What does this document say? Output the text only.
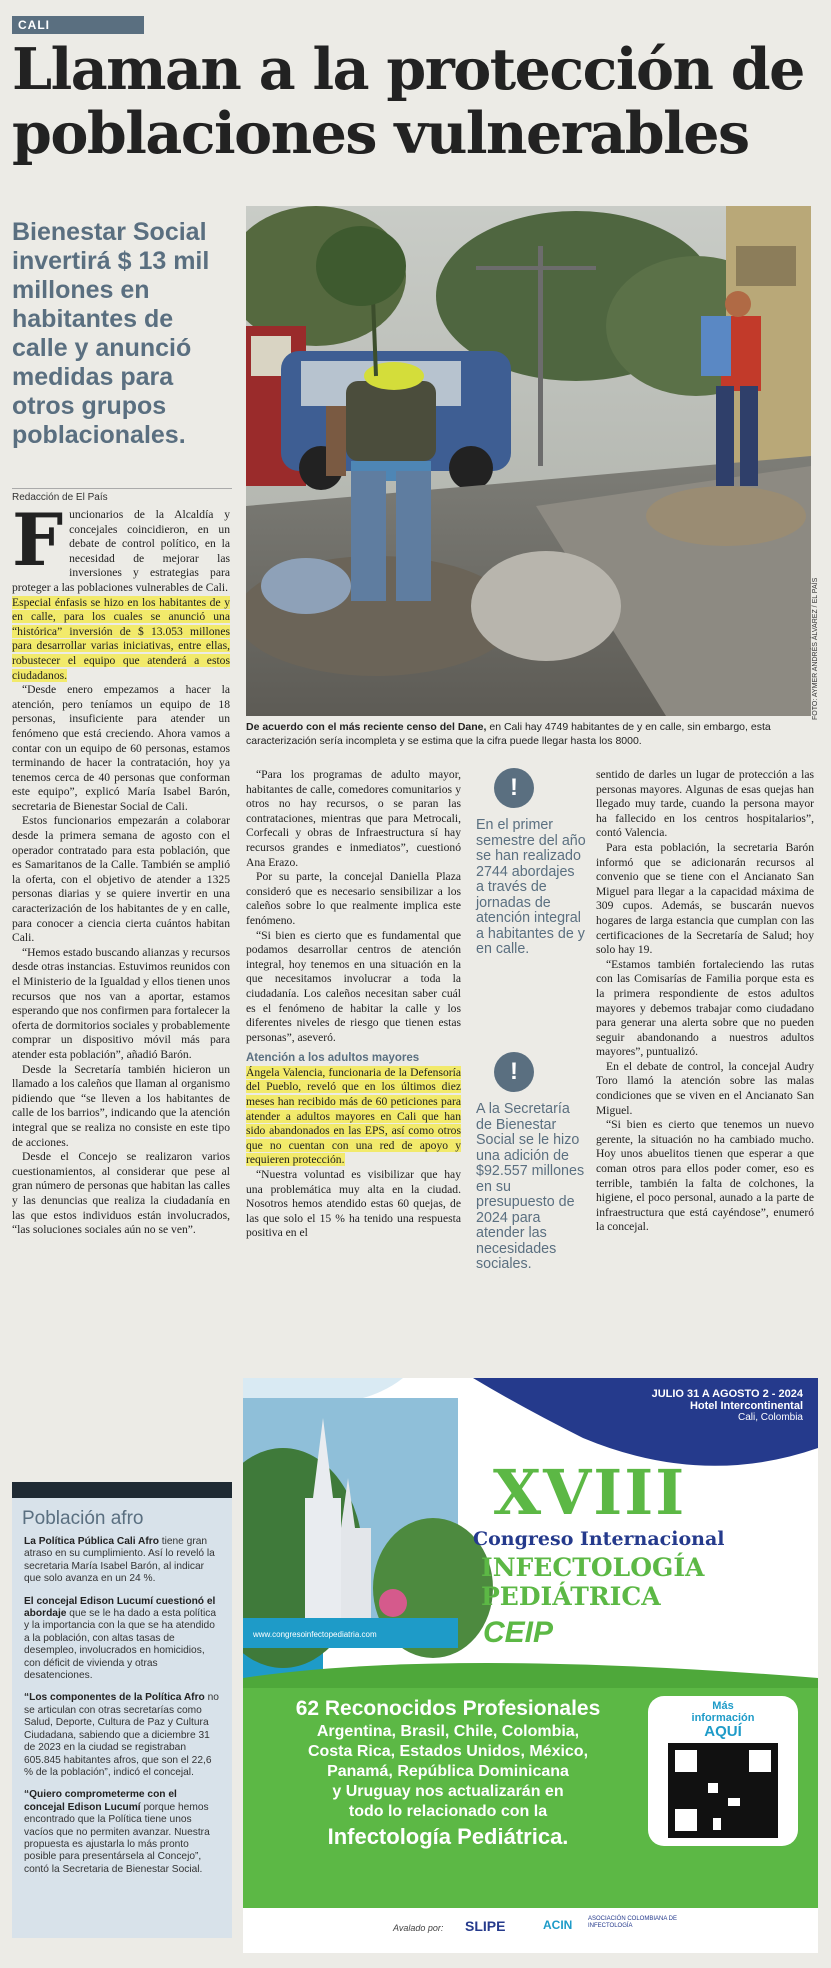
CALI
Llaman a la protección de
poblaciones vulnerables
Bienestar Social invertirá $ 13 mil millones en habitantes de calle y anunció medidas para otros grupos poblacionales.
Redacción de El País
FOTO: AYMER ANDRÉS ÁLVAREZ / EL PAÍS
De acuerdo con el más reciente censo del Dane, en Cali hay 4749 habitantes de y en calle, sin embargo, esta caracterización sería incompleta y se estima que la cifra puede llegar hasta los 8000.

Funcionarios de la Alcaldía y concejales coincidieron, en un debate de control político, en la necesidad de mejorar las inversiones y estrategias para proteger a las poblaciones vulnerables de Cali.

Especial énfasis se hizo en los habitantes de y en calle, para los cuales se anunció una “histórica” inversión de $ 13.053 millones para desarrollar varias iniciativas, entre ellas, robustecer el equipo que atenderá a estos ciudadanos.

“Desde enero empezamos a hacer la atención, pero teníamos un equipo de 18 personas, insuficiente para atender un fenómeno que está creciendo. Ahora vamos a contar con un equipo de 60 personas, estamos terminando de hacer la contratación, hoy ya tenemos cerca de 40 personas que conforman este equipo”, explicó María Isabel Barón, secretaria de Bienestar Social de Cali.

Estos funcionarios empezarán a colaborar desde la primera semana de agosto con el operador contratado para esta población, que es Samaritanos de la Calle. También se amplió la oferta, con el objetivo de atender a 1325 personas diarias y se quiere invertir en una caracterización de los habitantes de y en calle, para conocer a ciencia cierta cuántos habitan Cali.

“Hemos estado buscando alianzas y recursos desde otras instancias. Estuvimos reunidos con el Ministerio de la Igualdad y ellos tienen unos recursos que nos van a aportar, estamos esperando que nos confirmen para fortalecer la oferta de dormitorios sociales y probablemente comprar un dispositivo móvil más para atender esta población”, añadió Barón.

Desde la Secretaría también hicieron un llamado a los caleños que llaman al organismo pidiendo que “se lleven a los habitantes de calle de los barrios”, indicando que la atención integral que se realiza no consiste en este tipo de acciones.

Desde el Concejo se realizaron varios cuestionamientos, al considerar que pese al gran número de personas que habitan las calles y las denuncias que realiza la ciudadanía en las que estos individuos están involucrados, “las soluciones sociales aún no se ven”.

“Para los programas de adulto mayor, habitantes de calle, comedores comunitarios y otros no hay recursos, o se paran las contrataciones, mientras que para Metrocali, Corfecali y obras de Infraestructura sí hay recursos grandes e inmediatos”, cuestionó Ana Erazo.

Por su parte, la concejal Daniella Plaza consideró que es necesario sensibilizar a los caleños sobre lo que realmente implica este fenómeno.

“Si bien es cierto que es fundamental que podamos desarrollar centros de atención integral, hoy tenemos en una situación en la que necesitamos involucrar a toda la ciudadanía. Los caleños necesitan saber cuál es el fenómeno de habitar la calle y los diferentes niveles de riesgo que tienen estas personas”, aseveró.

Atención a los adultos mayores

Ángela Valencia, funcionaria de la Defensoría del Pueblo, reveló que en los últimos diez meses han recibido más de 60 peticiones para atender a adultos mayores en Cali que han sido abandonados en las EPS, así como otros que no cuentan con una red de apoyo y requieren protección.

“Nuestra voluntad es visibilizar que hay una problemática muy alta en la ciudad. Nosotros hemos atendido estas 60 quejas, de las que solo el 15 % ha tenido una respuesta positiva en el

!
En el primer semestre del año se han realizado 2744 abordajes a través de jornadas de atención integral a habitantes de y en calle.
!
A la Secretaría de Bienestar Social se le hizo una adición de $92.557 millones en su presupuesto de 2024 para atender las necesidades sociales.

sentido de darles un lugar de protección a las personas mayores. Algunas de esas quejas han llegado muy tarde, cuando la persona mayor ha fallecido en los centros hospitalarios”, contó Valencia.

Para esta población, la secretaria Barón informó que se adicionarán recursos al convenio que se tiene con el Ancianato San Miguel para llegar a la capacidad máxima de 309 cupos. Además, se buscarán nuevos hogares de larga estancia que cumplan con las certificaciones de la Secretaría de Salud; hoy solo hay 19.

“Estamos también fortaleciendo las rutas con las Comisarías de Familia porque esta es la primera respondiente de estos adultos mayores y debemos trabajar como ciudadano para generar una alerta sobre que no pueden seguir abandonando a nuestros adultos mayores”, puntualizó.

En el debate de control, la concejal Audry Toro llamó la atención sobre las malas condiciones que se viven en el Ancianato San Miguel.

“Si bien es cierto que tenemos un nuevo gerente, la situación no ha cambiado mucho. Hoy unos abuelitos tienen que esperar a que coman otros para ellos poder comer, eso es terrible, también la falta de colchones, la higiene, el poco personal, aunado a la parte de infraestructura que está cayéndose”, enumeró la concejal.

Población afro

La Política Pública Cali Afro tiene gran atraso en su cumplimiento. Así lo reveló la secretaria María Isabel Barón, al indicar que solo avanza en un 24 %.

El concejal Edison Lucumí cuestionó el abordaje que se le ha dado a esta política y la importancia con la que se ha atendido a la población, con altas tasas de desempleo, involucrados en homicidios, con déficit de vivienda y otras desatenciones.

“Los componentes de la Política Afro no se articulan con otras secretarías como Salud, Deporte, Cultura de Paz y Cultura Ciudadana, sabiendo que a diciembre 31 de 2023 en la ciudad se registraban 605.845 habitantes afros, que son el 22,6 % de la población”, indicó el concejal.

“Quiero comprometerme con el concejal Edison Lucumí porque hemos encontrado que la Política tiene unos vacíos que no permiten avanzar. Nuestra propuesta es ajustarla lo más pronto posible para presentársela al Concejo”, contó la Secretaria de Bienestar Social.

JULIO 31 A AGOSTO 2 - 2024
Hotel Intercontinental
Cali, Colombia
XVIII
Congreso Internacional
INFECTOLOGÍA
PEDIÁTRICA
CEIP
www.congresoinfectopediatria.com
62 Reconocidos Profesionales
Argentina, Brasil, Chile, Colombia,
Costa Rica, Estados Unidos, México,
Panamá, República Dominicana
y Uruguay nos actualizarán en
todo lo relacionado con la
Infectología Pediátrica.
Más
información
AQUÍ
Avalado por: SLIPE	ACIN	ASOCIACIÓN COLOMBIANA DE INFECTOLOGÍA
